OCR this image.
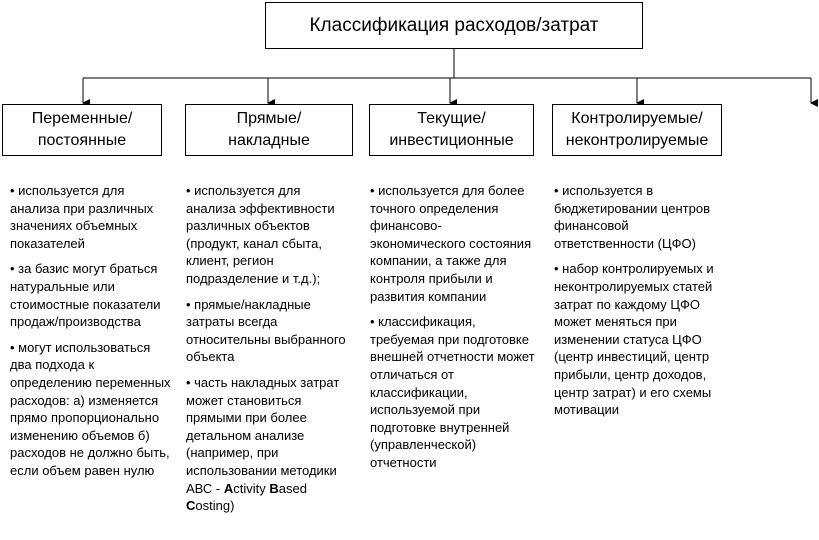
Классификация расходов/затрат
Переменные/
постоянные
Прямые/
накладные
Текущие/
инвестиционные
Контролируемые/
неконтролируемые

• используется для анализа при различных значениях объемных показателей

• за базис могут браться натуральные или стоимостные показатели продаж/производства

• могут использоваться два подхода к определению переменных расходов: а) изменяется прямо пропорционально изменению объемов б) расходов не должно быть, если объем равен нулю

• используется для анализа эффективности различных объектов (продукт, канал сбыта, клиент, регион подразделение и т.д.);

• прямые/накладные затраты всегда относительны выбранного объекта

• часть накладных затрат может становиться прямыми при более детальном анализе (например, при использовании методики АВС - Activity Based Costing)

• используется для более точного определения финансово-экономического состояния компании, а также для контроля прибыли и развития компании

• классификация, требуемая при подготовке внешней отчетности может отличаться от классификации, используемой при подготовке внутренней (управленческой) отчетности

• используется в бюджетировании центров финансовой ответственности (ЦФО)

• набор контролируемых и неконтролируемых статей затрат по каждому ЦФО может меняться при изменении статуса ЦФО (центр инвестиций, центр прибыли, центр доходов, центр затрат) и его схемы мотивации
